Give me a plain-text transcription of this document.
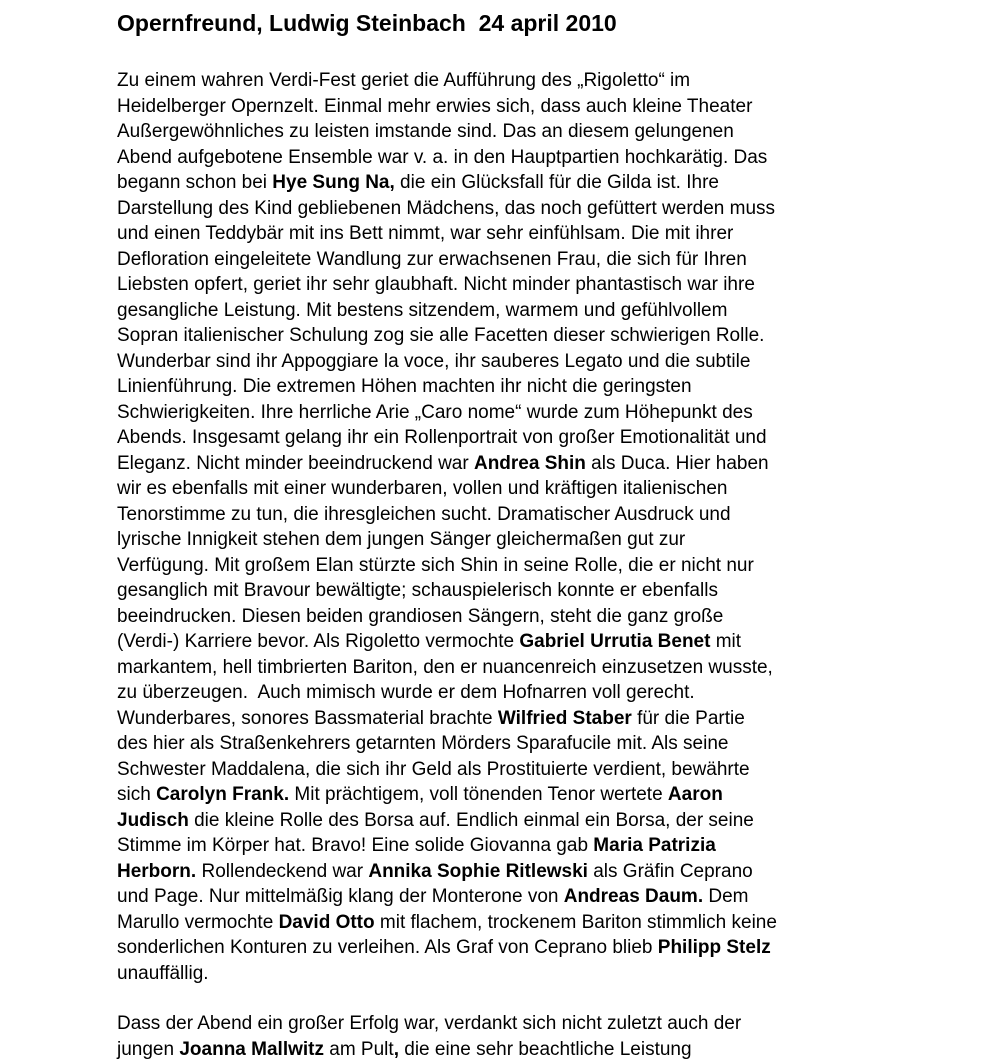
Opernfreund, Ludwig Steinbach  24 april 2010

Zu einem wahren Verdi-Fest geriet die Aufführung des „Rigoletto“ im
Heidelberger Opernzelt. Einmal mehr erwies sich, dass auch kleine Theater
Außergewöhnliches zu leisten imstande sind. Das an diesem gelungenen
Abend aufgebotene Ensemble war v. a. in den Hauptpartien hochkarätig. Das
begann schon bei Hye Sung Na, die ein Glücksfall für die Gilda ist. Ihre
Darstellung des Kind gebliebenen Mädchens, das noch gefüttert werden muss
und einen Teddybär mit ins Bett nimmt, war sehr einfühlsam. Die mit ihrer
Defloration eingeleitete Wandlung zur erwachsenen Frau, die sich für Ihren
Liebsten opfert, geriet ihr sehr glaubhaft. Nicht minder phantastisch war ihre
gesangliche Leistung. Mit bestens sitzendem, warmem und gefühlvollem
Sopran italienischer Schulung zog sie alle Facetten dieser schwierigen Rolle.
Wunderbar sind ihr Appoggiare la voce, ihr sauberes Legato und die subtile
Linienführung. Die extremen Höhen machten ihr nicht die geringsten
Schwierigkeiten. Ihre herrliche Arie „Caro nome“ wurde zum Höhepunkt des
Abends. Insgesamt gelang ihr ein Rollenportrait von großer Emotionalität und
Eleganz. Nicht minder beeindruckend war Andrea Shin als Duca. Hier haben
wir es ebenfalls mit einer wunderbaren, vollen und kräftigen italienischen
Tenorstimme zu tun, die ihresgleichen sucht. Dramatischer Ausdruck und
lyrische Innigkeit stehen dem jungen Sänger gleichermaßen gut zur
Verfügung. Mit großem Elan stürzte sich Shin in seine Rolle, die er nicht nur
gesanglich mit Bravour bewältigte; schauspielerisch konnte er ebenfalls
beeindrucken. Diesen beiden grandiosen Sängern, steht die ganz große
(Verdi-) Karriere bevor. Als Rigoletto vermochte Gabriel Urrutia Benet mit
markantem, hell timbrierten Bariton, den er nuancenreich einzusetzen wusste,
zu überzeugen.  Auch mimisch wurde er dem Hofnarren voll gerecht.
Wunderbares, sonores Bassmaterial brachte Wilfried Staber für die Partie
des hier als Straßenkehrers getarnten Mörders Sparafucile mit. Als seine
Schwester Maddalena, die sich ihr Geld als Prostituierte verdient, bewährte
sich Carolyn Frank. Mit prächtigem, voll tönenden Tenor wertete Aaron
Judisch die kleine Rolle des Borsa auf. Endlich einmal ein Borsa, der seine
Stimme im Körper hat. Bravo! Eine solide Giovanna gab Maria Patrizia
Herborn. Rollendeckend war Annika Sophie Ritlewski als Gräfin Ceprano
und Page. Nur mittelmäßig klang der Monterone von Andreas Daum. Dem
Marullo vermochte David Otto mit flachem, trockenem Bariton stimmlich keine
sonderlichen Konturen zu verleihen. Als Graf von Ceprano blieb Philipp Stelz
unauffällig.

Dass der Abend ein großer Erfolg war, verdankt sich nicht zuletzt auch der
jungen Joanna Mallwitz am Pult, die eine sehr beachtliche Leistung
